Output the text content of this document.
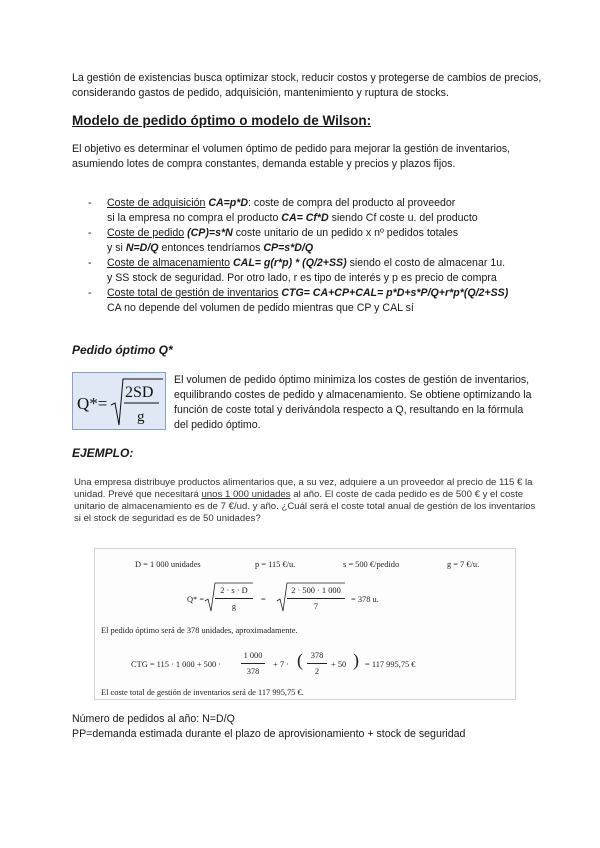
La gestión de existencias busca optimizar stock, reducir costos y protegerse de cambios de precios, considerando gastos de pedido, adquisición, mantenimiento y ruptura de stocks.

Modelo de pedido óptimo o modelo de Wilson:

El objetivo es determinar el volumen óptimo de pedido para mejorar la gestión de inventarios, asumiendo lotes de compra constantes, demanda estable y precios y plazos fijos.

- Coste de adquisición CA=p*D: coste de compra del producto al proveedor
si la empresa no compra el producto CA= Cf*D siendo Cf coste u. del producto
- Coste de pedido (CP)=s*N coste unitario de un pedido x nº pedidos totales
y si N=D/Q entonces tendríamos CP=s*D/Q
- Coste de almacenamiento CAL= g(r*p) * (Q/2+SS) siendo el costo de almacenar 1u.
y SS stock de seguridad. Por otro lado, r es tipo de interés y p es precio de compra
- Coste total de gestión de inventarios CTG= CA+CP+CAL= p*D+s*P/Q+r*p*(Q/2+SS)
CA no depende del volumen de pedido mientras que CP y CAL sí
Pedido óptimo Q*
Q*=
2SD
g

El volumen de pedido óptimo minimiza los costes de gestión de inventarios, equilibrando costes de pedido y almacenamiento. Se obtiene optimizando la función de coste total y derivándola respecto a Q, resultando en la fórmula del pedido óptimo.

EJEMPLO:

Una empresa distribuye productos alimentarios que, a su vez, adquiere a un proveedor al precio de 115 € la unidad. Prevé que necesitará unos 1 000 unidades al año. El coste de cada pedido es de 500 € y el coste unitario de almacenamiento es de 7 €/ud. y año. ¿Cuál será el coste total anual de gestión de los inventarios si el stock de seguridad es de 50 unidades?

D = 1 000 unidades	p = 115 €/u.	s = 500 €/pedido	g = 7 €/u.
$Q* = \frac{2 \cdot s \cdot D}{g}$ =	$\frac{2 \cdot 500 \cdot 1 000}{7} = 378$ u.
El pedido óptimo será de 378 unidades, aproximadamente.
CTG = 115 · 1 $000 + 500 \cdot \frac{1 000}{378} + 7$ · ( $\frac{378}{2} + 50$ ) = 117 995,75 €
El coste total de gestión de inventarios será de 117 995,75 €.

Número de pedidos al año: N=D/Q

PP=demanda estimada durante el plazo de aprovisionamiento + stock de seguridad
